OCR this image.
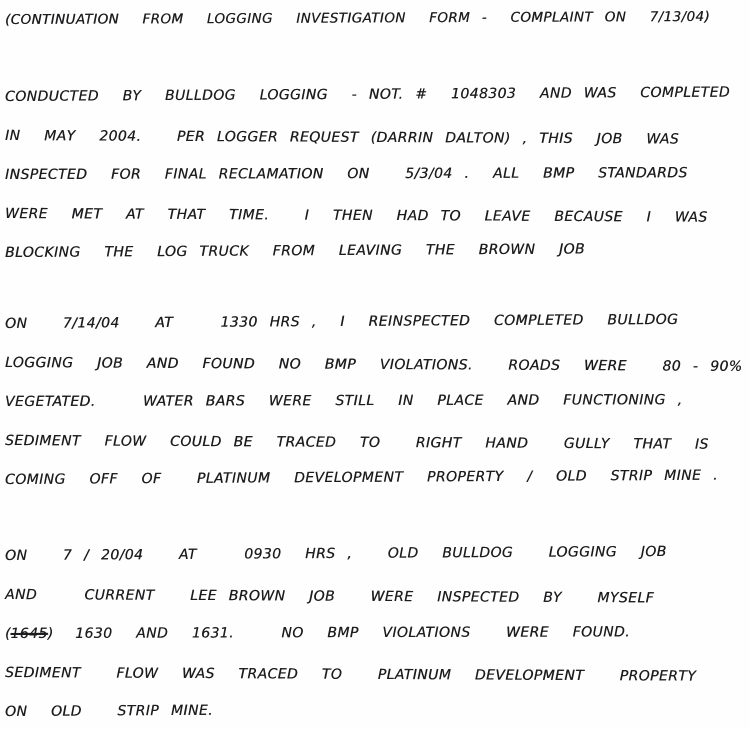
(CONTINUATION  FROM  LOGGING  INVESTIGATION  FORM -  COMPLAINT ON  7/13/04)
CONDUCTED  BY  BULLDOG  LOGGING  - NOT. #  1048303  AND WAS  COMPLETED
IN  MAY  2004.   PER LOGGER REQUEST (DARRIN DALTON) , THIS  JOB  WAS
INSPECTED  FOR  FINAL RECLAMATION  ON   5/3/04 .  ALL  BMP  STANDARDS
WERE  MET  AT  THAT  TIME.   I  THEN  HAD TO  LEAVE  BECAUSE  I  WAS
BLOCKING  THE  LOG TRUCK  FROM  LEAVING  THE  BROWN  JOB
ON   7/14/04   AT    1330 HRS ,  I  REINSPECTED  COMPLETED  BULLDOG
LOGGING  JOB  AND  FOUND  NO  BMP  VIOLATIONS.   ROADS  WERE   80 - 90%
VEGETATED.    WATER BARS  WERE  STILL  IN  PLACE  AND  FUNCTIONING ,
SEDIMENT  FLOW  COULD BE  TRACED  TO   RIGHT  HAND   GULLY  THAT  IS
COMING  OFF  OF   PLATINUM  DEVELOPMENT  PROPERTY  /  OLD  STRIP MINE .
ON   7 / 20/04   AT    0930  HRS ,   OLD  BULLDOG   LOGGING  JOB
AND    CURRENT   LEE BROWN  JOB   WERE  INSPECTED  BY   MYSELF
(1645) 1630  AND  1631.    NO  BMP  VIOLATIONS   WERE  FOUND.
SEDIMENT   FLOW  WAS  TRACED  TO   PLATINUM  DEVELOPMENT   PROPERTY
ON  OLD   STRIP MINE.
